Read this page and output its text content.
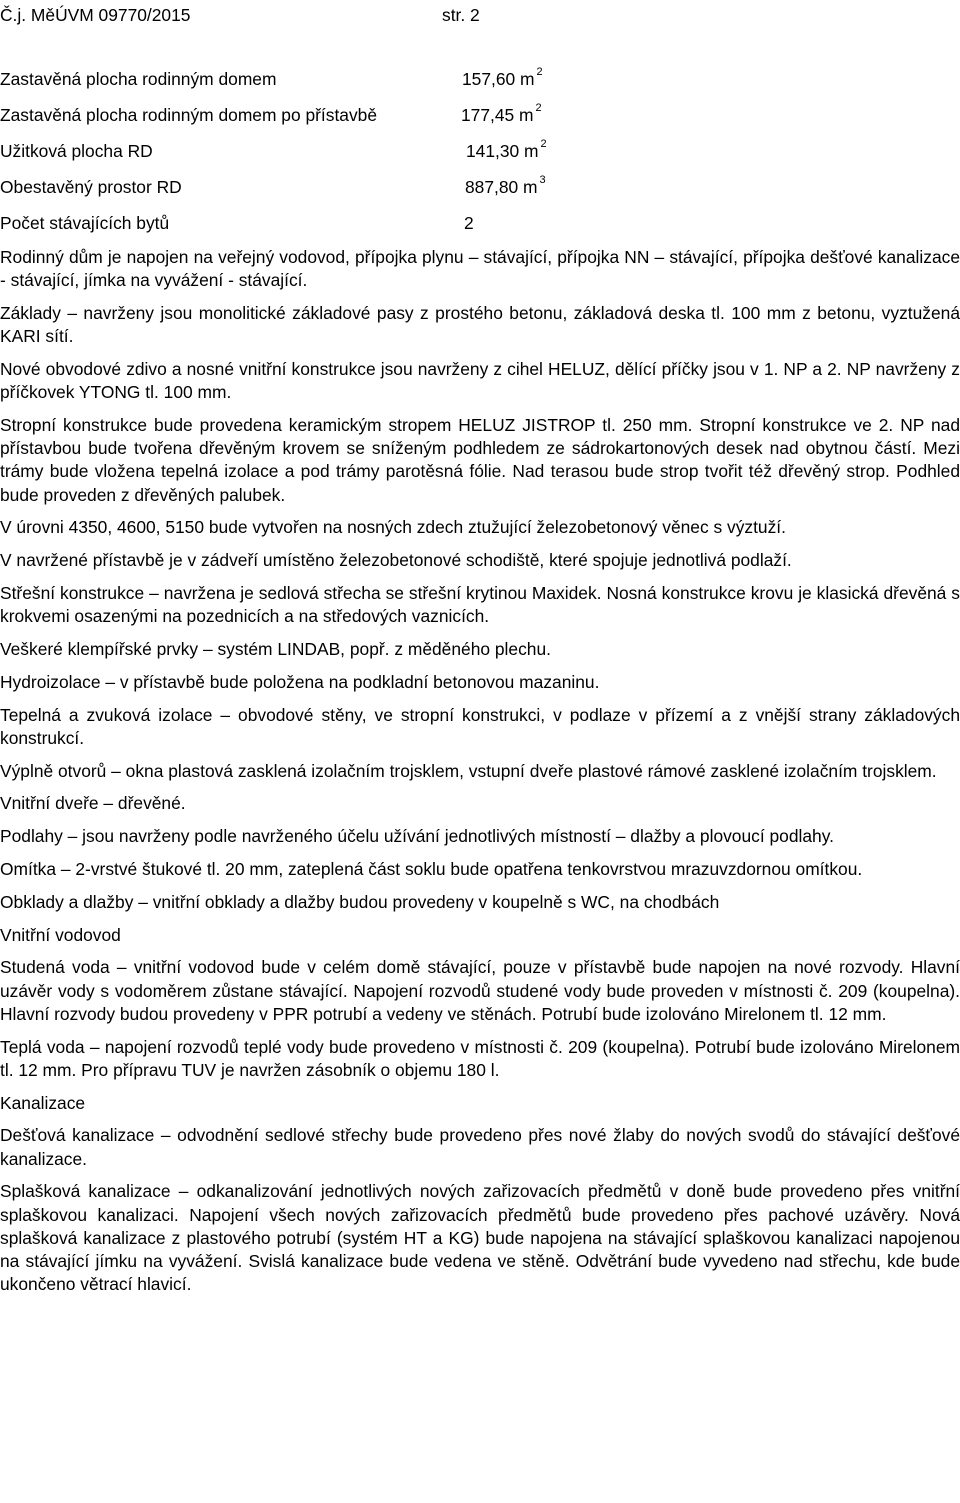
Č.j. MěÚVM 09770/2015	str. 2
Zastavěná plocha rodinným domem	157,60 m $^2$
Zastavěná plocha rodinným domem po přístavbě	177,45 m $^2$
Užitková plocha RD	141,30 m $^2$
Obestavěný prostor RD	887,80 m $^3$
Počet stávajících bytů	2

Rodinný dům je napojen na veřejný vodovod, přípojka plynu – stávající, přípojka NN – stávající, přípojka dešťové kanalizace - stávající, jímka na vyvážení - stávající.

Základy – navrženy jsou monolitické základové pasy z prostého betonu, základová deska tl. 100 mm z betonu, vyztužená KARI sítí.

Nové obvodové zdivo a nosné vnitřní konstrukce jsou navrženy z cihel HELUZ, dělící příčky jsou v 1. NP a 2. NP navrženy z příčkovek YTONG tl. 100 mm.

Stropní konstrukce bude provedena keramickým stropem HELUZ JISTROP tl. 250 mm. Stropní konstrukce ve 2. NP nad přístavbou bude tvořena dřevěným krovem se sníženým podhledem ze sádrokartonových desek nad obytnou částí. Mezi trámy bude vložena tepelná izolace a pod trámy parotěsná fólie. Nad terasou bude strop tvořit též dřevěný strop. Podhled bude proveden z dřevěných palubek.

V úrovni 4350, 4600, 5150 bude vytvořen na nosných zdech ztužující železobetonový věnec s výztuží.

V navržené přístavbě je v zádveří umístěno železobetonové schodiště, které spojuje jednotlivá podlaží.

Střešní konstrukce – navržena je sedlová střecha se střešní krytinou Maxidek. Nosná konstrukce krovu je klasická dřevěná s krokvemi osazenými na pozednicích a na středových vaznicích.

Veškeré klempířské prvky – systém LINDAB, popř. z měděného plechu.

Hydroizolace – v přístavbě bude položena na podkladní betonovou mazaninu.

Tepelná a zvuková izolace – obvodové stěny, ve stropní konstrukci, v podlaze v přízemí a z vnější strany základových konstrukcí.

Výplně otvorů – okna plastová zasklená izolačním trojsklem, vstupní dveře plastové rámové zasklené izolačním trojsklem.

Vnitřní dveře – dřevěné.

Podlahy – jsou navrženy podle navrženého účelu užívání jednotlivých místností – dlažby a plovoucí podlahy.

Omítka – 2-vrstvé štukové tl. 20 mm, zateplená část soklu bude opatřena tenkovrstvou mrazuvzdornou omítkou.

Obklady a dlažby – vnitřní obklady a dlažby budou provedeny v koupelně s WC, na chodbách

Vnitřní vodovod

Studená voda – vnitřní vodovod bude v celém domě stávající, pouze v přístavbě bude napojen na nové rozvody. Hlavní uzávěr vody s vodoměrem zůstane stávající. Napojení rozvodů studené vody bude proveden v místnosti č. 209 (koupelna). Hlavní rozvody budou provedeny v PPR potrubí a vedeny ve stěnách. Potrubí bude izolováno Mirelonem tl. 12 mm.

Teplá voda – napojení rozvodů teplé vody bude provedeno v místnosti č. 209 (koupelna). Potrubí bude izolováno Mirelonem tl. 12 mm. Pro přípravu TUV je navržen zásobník o objemu 180 l.

Kanalizace

Dešťová kanalizace – odvodnění sedlové střechy bude provedeno přes nové žlaby do nových svodů do stávající dešťové kanalizace.

Splašková kanalizace – odkanalizování jednotlivých nových zařizovacích předmětů v doně bude provedeno přes vnitřní splaškovou kanalizaci. Napojení všech nových zařizovacích předmětů bude provedeno přes pachové uzávěry. Nová splašková kanalizace z plastového potrubí (systém HT a KG) bude napojena na stávající splaškovou kanalizaci napojenou na stávající jímku na vyvážení. Svislá kanalizace bude vedena ve stěně. Odvětrání bude vyvedeno nad střechu, kde bude ukončeno větrací hlavicí.
